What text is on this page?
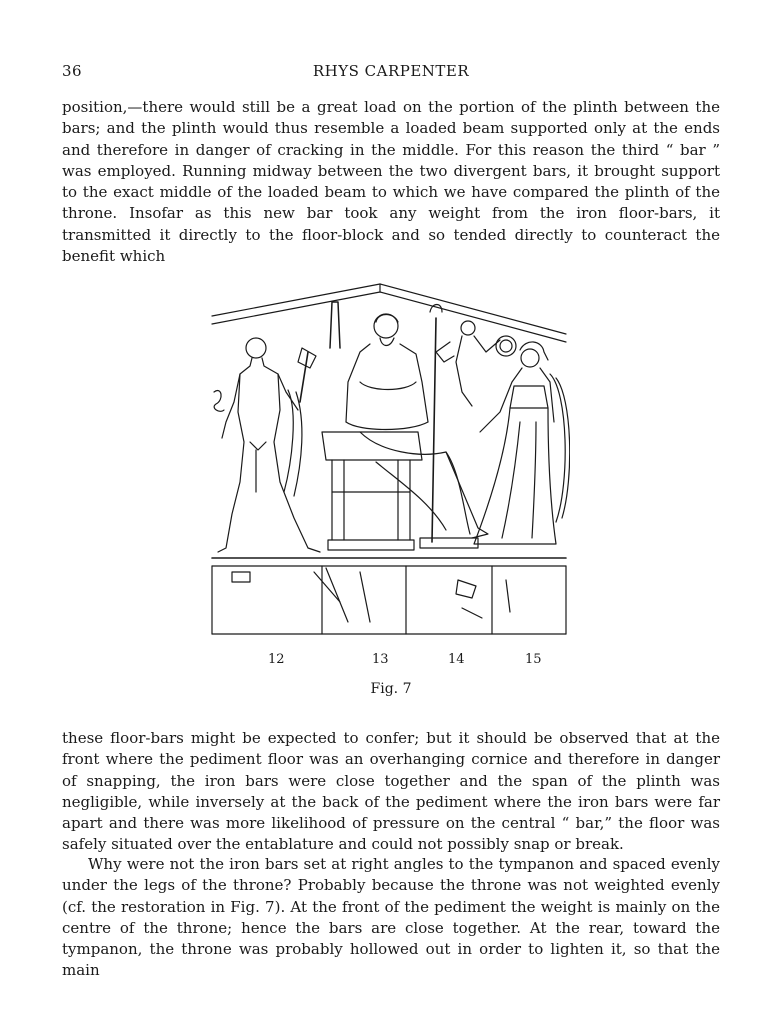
36	RHYS CARPENTER

position,—there would still be a great load on the portion of the plinth between the bars; and the plinth would thus resemble a loaded beam supported only at the ends and therefore in danger of cracking in the middle. For this reason the third “ bar ” was employed. Running midway between the two divergent bars, it brought support to the exact middle of the loaded beam to which we have compared the plinth of the throne. Insofar as this new bar took any weight from the iron floor-bars, it transmitted it directly to the floor-block and so tended directly to counteract the benefit which

12	13	14	15
Fig. 7

these floor-bars might be expected to confer; but it should be observed that at the front where the pediment floor was an overhanging cornice and therefore in danger of snapping, the iron bars were close together and the span of the plinth was negligible, while inversely at the back of the pediment where the iron bars were far apart and there was more likelihood of pressure on the central “ bar,” the floor was safely situated over the entablature and could not possibly snap or break.

Why were not the iron bars set at right angles to the tympanon and spaced evenly under the legs of the throne? Probably because the throne was not weighted evenly (cf. the restoration in Fig. 7). At the front of the pediment the weight is mainly on the centre of the throne; hence the bars are close together. At the rear, toward the tympanon, the throne was probably hollowed out in order to lighten it, so that the main
